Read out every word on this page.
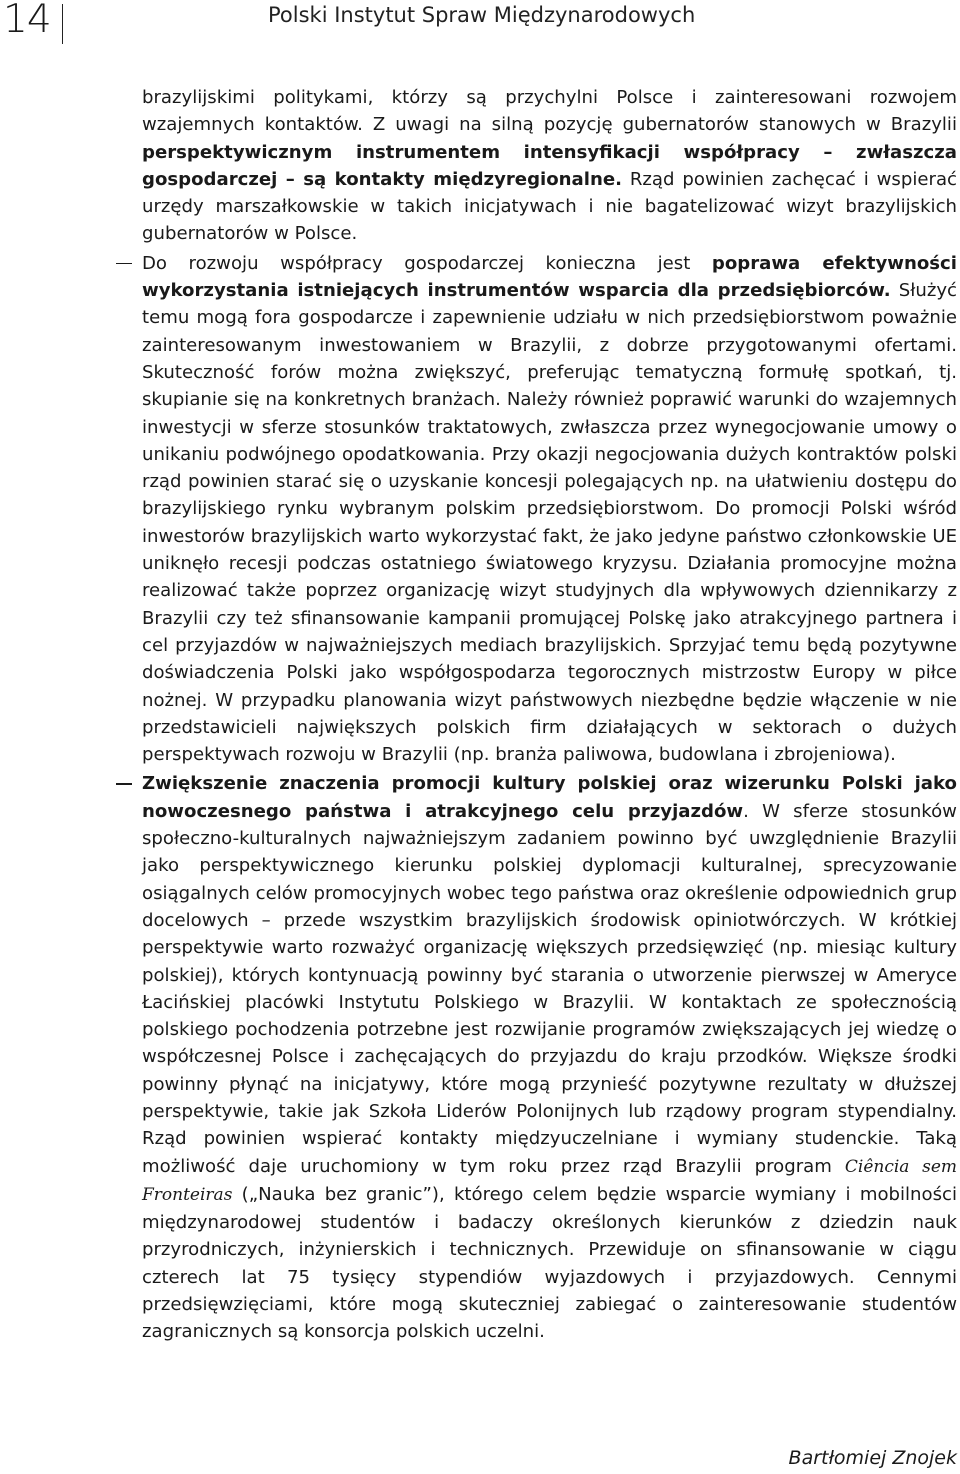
14	Polski Instytut Spraw Międzynarodowych

brazylijskimi politykami, którzy są przychylni Polsce i zainteresowani rozwojem wzajemnych kontaktów. Z uwagi na silną pozycję gubernatorów stanowych w Brazylii perspektywicznym instrumentem intensyfikacji współpracy – zwłaszcza gospodarczej – są kontakty międzyregionalne. Rząd powinien zachęcać i wspierać urzędy marszałkowskie w takich inicjatywach i nie bagatelizować wizyt brazylijskich gubernatorów w Polsce.

Do rozwoju współpracy gospodarczej konieczna jest poprawa efektywności wykorzystania istniejących instrumentów wsparcia dla przedsiębiorców. Służyć temu mogą fora gospodarcze i zapewnienie udziału w nich przedsiębiorstwom poważnie zainteresowanym inwestowaniem w Brazylii, z dobrze przygotowanymi ofertami. Skuteczność forów można zwiększyć, preferując tematyczną formułę spotkań, tj. skupianie się na konkretnych branżach. Należy również poprawić warunki do wzajemnych inwestycji w sferze stosunków traktatowych, zwłaszcza przez wynegocjowanie umowy o unikaniu podwójnego opodatkowania. Przy okazji negocjowania dużych kontraktów polski rząd powinien starać się o uzyskanie koncesji polegających np. na ułatwieniu dostępu do brazylijskiego rynku wybranym polskim przedsiębiorstwom. Do promocji Polski wśród inwestorów brazylijskich warto wykorzystać fakt, że jako jedyne państwo członkowskie UE uniknęło recesji podczas ostatniego światowego kryzysu. Działania promocyjne można realizować także poprzez organizację wizyt studyjnych dla wpływowych dziennikarzy z Brazylii czy też sfinansowanie kampanii promującej Polskę jako atrakcyjnego partnera i cel przyjazdów w najważniejszych mediach brazylijskich. Sprzyjać temu będą pozytywne doświadczenia Polski jako współgospodarza tegorocznych mistrzostw Europy w piłce nożnej. W przypadku planowania wizyt państwowych niezbędne będzie włączenie w nie przedstawicieli największych polskich firm działających w sektorach o dużych perspektywach rozwoju w Brazylii (np. branża paliwowa, budowlana i zbrojeniowa).

Zwiększenie znaczenia promocji kultury polskiej oraz wizerunku Polski jako nowoczesnego państwa i atrakcyjnego celu przyjazdów. W sferze stosunków społeczno-kulturalnych najważniejszym zadaniem powinno być uwzględnienie Brazylii jako perspektywicznego kierunku polskiej dyplomacji kulturalnej, sprecyzowanie osiągalnych celów promocyjnych wobec tego państwa oraz określenie odpowiednich grup docelowych – przede wszystkim brazylijskich środowisk opiniotwórczych. W krótkiej perspektywie warto rozważyć organizację większych przedsięwzięć (np. miesiąc kultury polskiej), których kontynuacją powinny być starania o utworzenie pierwszej w Ameryce Łacińskiej placówki Instytutu Polskiego w Brazylii. W kontaktach ze społecznością polskiego pochodzenia potrzebne jest rozwijanie programów zwiększających jej wiedzę o współczesnej Polsce i zachęcających do przyjazdu do kraju przodków. Większe środki powinny płynąć na inicjatywy, które mogą przynieść pozytywne rezultaty w dłuższej perspektywie, takie jak Szkoła Liderów Polonijnych lub rządowy program stypendialny. Rząd powinien wspierać kontakty międzyuczelniane i wymiany studenckie. Taką możliwość daje uruchomiony w tym roku przez rząd Brazylii program Ciência sem Fronteiras („Nauka bez granic”), którego celem będzie wsparcie wymiany i mobilności międzynarodowej studentów i badaczy określonych kierunków z dziedzin nauk przyrodniczych, inżynierskich i technicznych. Przewiduje on sfinansowanie w ciągu czterech lat 75 tysięcy stypendiów wyjazdowych i przyjazdowych. Cennymi przedsięwzięciami, które mogą skuteczniej zabiegać o zainteresowanie studentów zagranicznych są konsorcja polskich uczelni.

Bartłomiej Znojek
